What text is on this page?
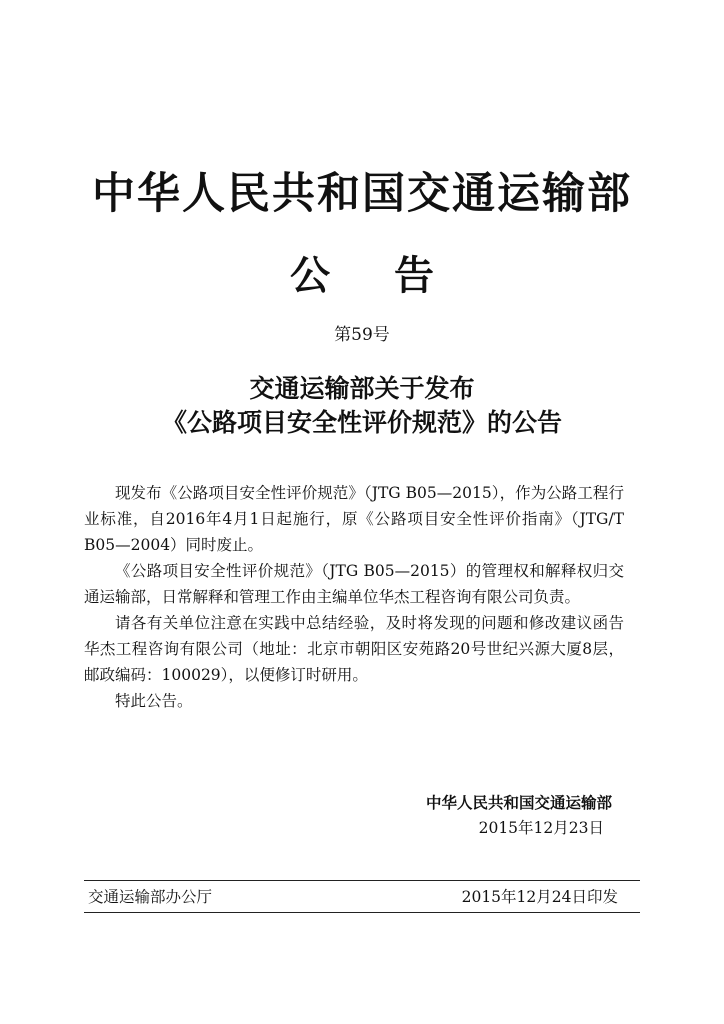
中华人民共和国交通运输部
公告
第59号
交通运输部关于发布
《公路项目安全性评价规范》的公告

现发布《公路项目安全性评价规范》（JTG B05—2015），作为公路工程行业标准，自2016年4月1日起施行，原《公路项目安全性评价指南》（JTG/T B05—2004）同时废止。

《公路项目安全性评价规范》（JTG B05—2015）的管理权和解释权归交通运输部，日常解释和管理工作由主编单位华杰工程咨询有限公司负责。

请各有关单位注意在实践中总结经验，及时将发现的问题和修改建议函告华杰工程咨询有限公司（地址：北京市朝阳区安苑路20号世纪兴源大厦8层，邮政编码：100029），以便修订时研用。

特此公告。

中华人民共和国交通运输部
2015年12月23日
交通运输部办公厅	2015年12月24日印发
